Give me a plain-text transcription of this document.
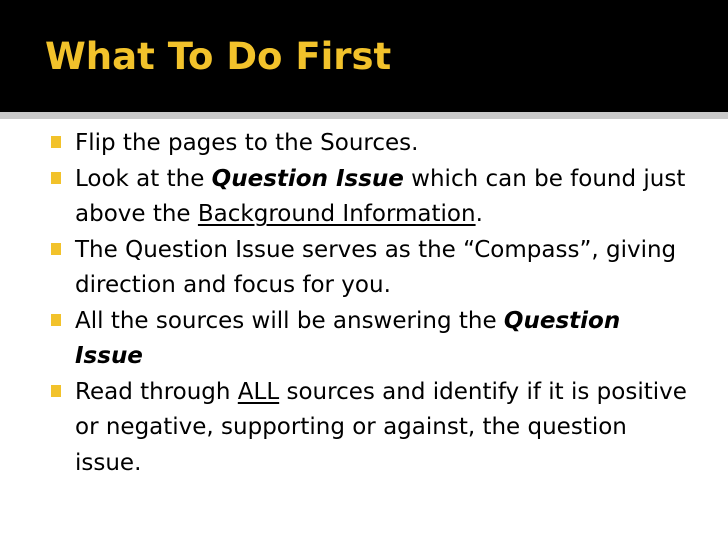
What To Do First
Flip the pages to the Sources.
Look at the Question Issue which can be found just above the Background Information.
The Question Issue serves as the “Compass”, giving direction and focus for you.
All the sources will be answering the Question Issue
Read through ALL sources and identify if it is positive or negative, supporting or against, the question issue.
